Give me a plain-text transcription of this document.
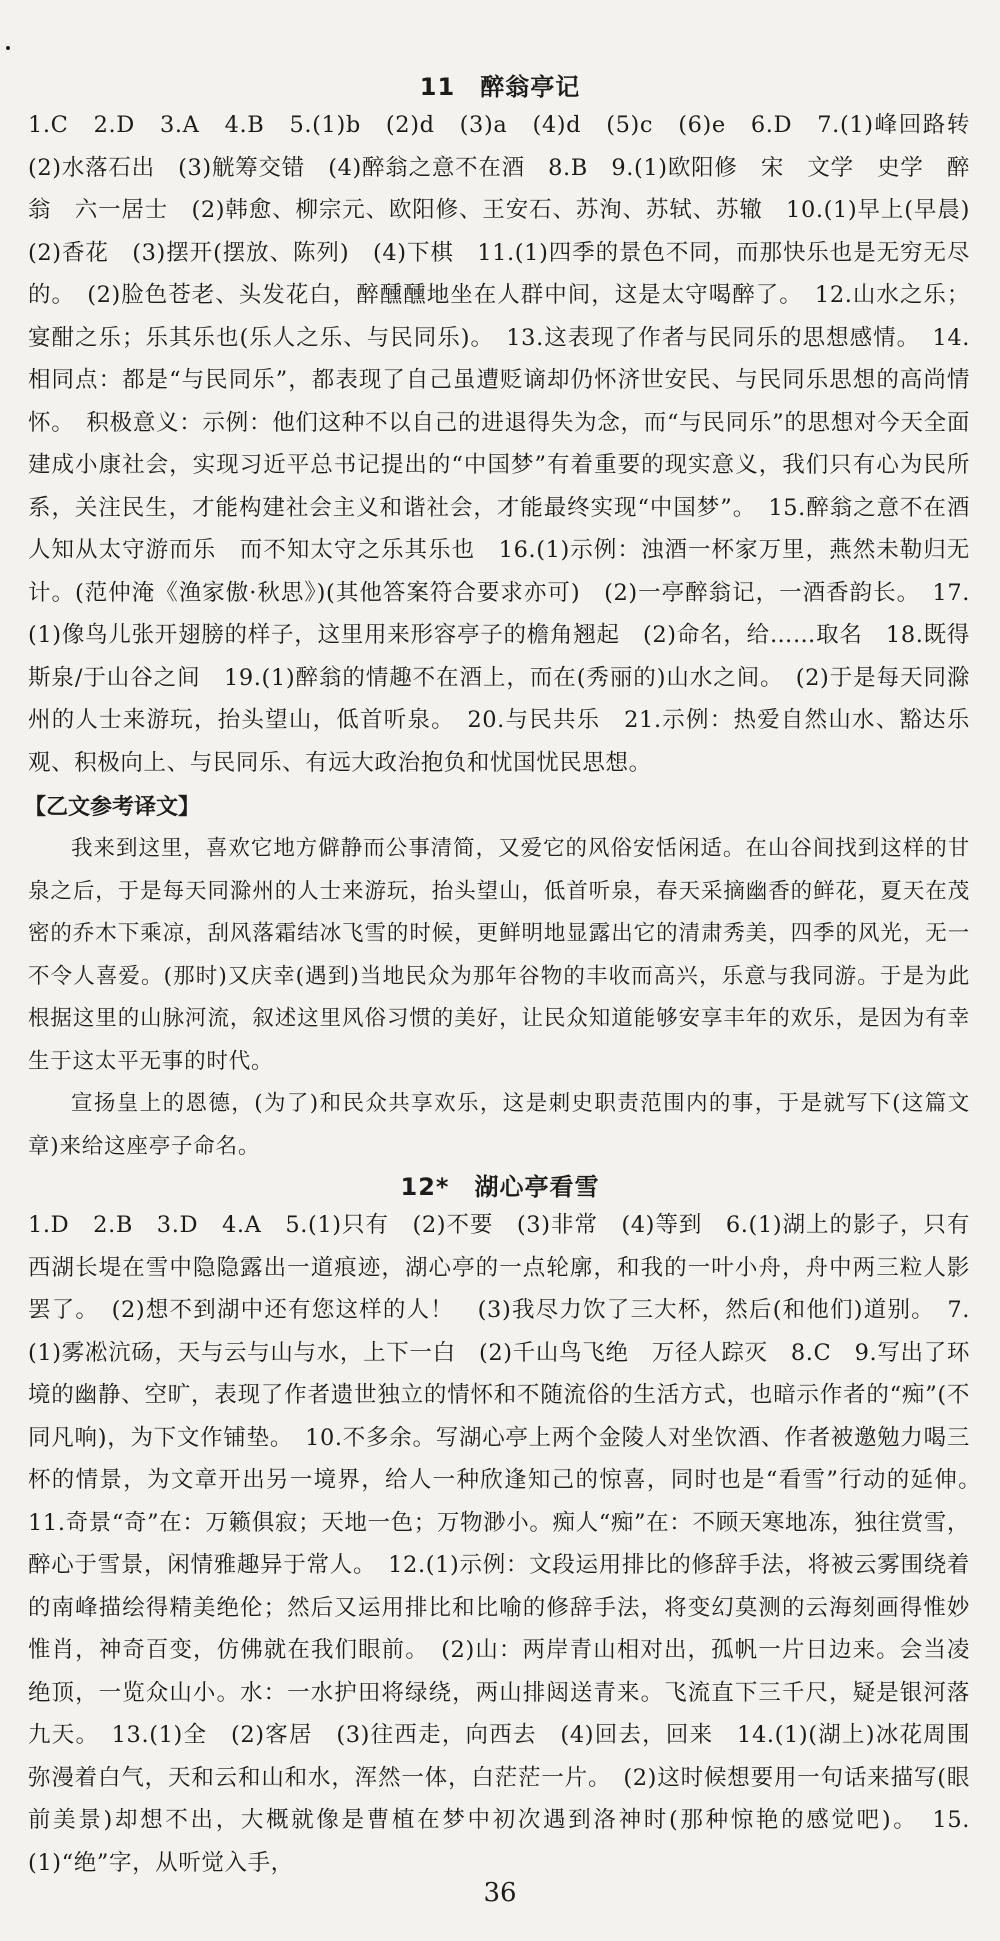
11　醉翁亭记

1.C　2.D　3.A　4.B　5.(1)b　(2)d　(3)a　(4)d　(5)c　(6)e　6.D　7.(1)峰回路转　(2)水落石出　(3)觥筹交错　(4)醉翁之意不在酒　8.B　9.(1)欧阳修　宋　文学　史学　醉翁　六一居士　(2)韩愈、柳宗元、欧阳修、王安石、苏洵、苏轼、苏辙　10.(1)早上(早晨)　(2)香花　(3)摆开(摆放、陈列)　(4)下棋　11.(1)四季的景色不同，而那快乐也是无穷无尽的。　(2)脸色苍老、头发花白，醉醺醺地坐在人群中间，这是太守喝醉了。　12.山水之乐；宴酣之乐；乐其乐也(乐人之乐、与民同乐)。　13.这表现了作者与民同乐的思想感情。　14.相同点：都是“与民同乐”，都表现了自己虽遭贬谪却仍怀济世安民、与民同乐思想的高尚情怀。　积极意义：示例：他们这种不以自己的进退得失为念，而“与民同乐”的思想对今天全面建成小康社会，实现习近平总书记提出的“中国梦”有着重要的现实意义，我们只有心为民所系，关注民生，才能构建社会主义和谐社会，才能最终实现“中国梦”。　15.醉翁之意不在酒　人知从太守游而乐　而不知太守之乐其乐也　16.(1)示例：浊酒一杯家万里，燕然未勒归无计。(范仲淹《渔家傲·秋思》)(其他答案符合要求亦可)　(2)一亭醉翁记，一酒香韵长。　17.(1)像鸟儿张开翅膀的样子，这里用来形容亭子的檐角翘起　(2)命名，给……取名　18.既得斯泉/于山谷之间　19.(1)醉翁的情趣不在酒上，而在(秀丽的)山水之间。　(2)于是每天同滁州的人士来游玩，抬头望山，低首听泉。　20.与民共乐　21.示例：热爱自然山水、豁达乐观、积极向上、与民同乐、有远大政治抱负和忧国忧民思想。

【乙文参考译文】

我来到这里，喜欢它地方僻静而公事清简，又爱它的风俗安恬闲适。在山谷间找到这样的甘泉之后，于是每天同滁州的人士来游玩，抬头望山，低首听泉，春天采摘幽香的鲜花，夏天在茂密的乔木下乘凉，刮风落霜结冰飞雪的时候，更鲜明地显露出它的清肃秀美，四季的风光，无一不令人喜爱。(那时)又庆幸(遇到)当地民众为那年谷物的丰收而高兴，乐意与我同游。于是为此根据这里的山脉河流，叙述这里风俗习惯的美好，让民众知道能够安享丰年的欢乐，是因为有幸生于这太平无事的时代。

宣扬皇上的恩德，(为了)和民众共享欢乐，这是刺史职责范围内的事，于是就写下(这篇文章)来给这座亭子命名。

12*　湖心亭看雪

1.D　2.B　3.D　4.A　5.(1)只有　(2)不要　(3)非常　(4)等到　6.(1)湖上的影子，只有西湖长堤在雪中隐隐露出一道痕迹，湖心亭的一点轮廓，和我的一叶小舟，舟中两三粒人影罢了。　(2)想不到湖中还有您这样的人！　(3)我尽力饮了三大杯，然后(和他们)道别。　7.(1)雾凇沆砀，天与云与山与水，上下一白　(2)千山鸟飞绝　万径人踪灭　8.C　9.写出了环境的幽静、空旷，表现了作者遗世独立的情怀和不随流俗的生活方式，也暗示作者的“痴”(不同凡响)，为下文作铺垫。　10.不多余。写湖心亭上两个金陵人对坐饮酒、作者被邀勉力喝三杯的情景，为文章开出另一境界，给人一种欣逢知己的惊喜，同时也是“看雪”行动的延伸。　11.奇景“奇”在：万籁俱寂；天地一色；万物渺小。痴人“痴”在：不顾天寒地冻，独往赏雪，醉心于雪景，闲情雅趣异于常人。　12.(1)示例：文段运用排比的修辞手法，将被云雾围绕着的南峰描绘得精美绝伦；然后又运用排比和比喻的修辞手法，将变幻莫测的云海刻画得惟妙惟肖，神奇百变，仿佛就在我们眼前。　(2)山：两岸青山相对出，孤帆一片日边来。会当凌绝顶，一览众山小。水：一水护田将绿绕，两山排闼送青来。飞流直下三千尺，疑是银河落九天。　13.(1)全　(2)客居　(3)往西走，向西去　(4)回去，回来　14.(1)(湖上)冰花周围弥漫着白气，天和云和山和水，浑然一体，白茫茫一片。　(2)这时候想要用一句话来描写(眼前美景)却想不出，大概就像是曹植在梦中初次遇到洛神时(那种惊艳的感觉吧)。　15.(1)“绝”字，从听觉入手，

36
